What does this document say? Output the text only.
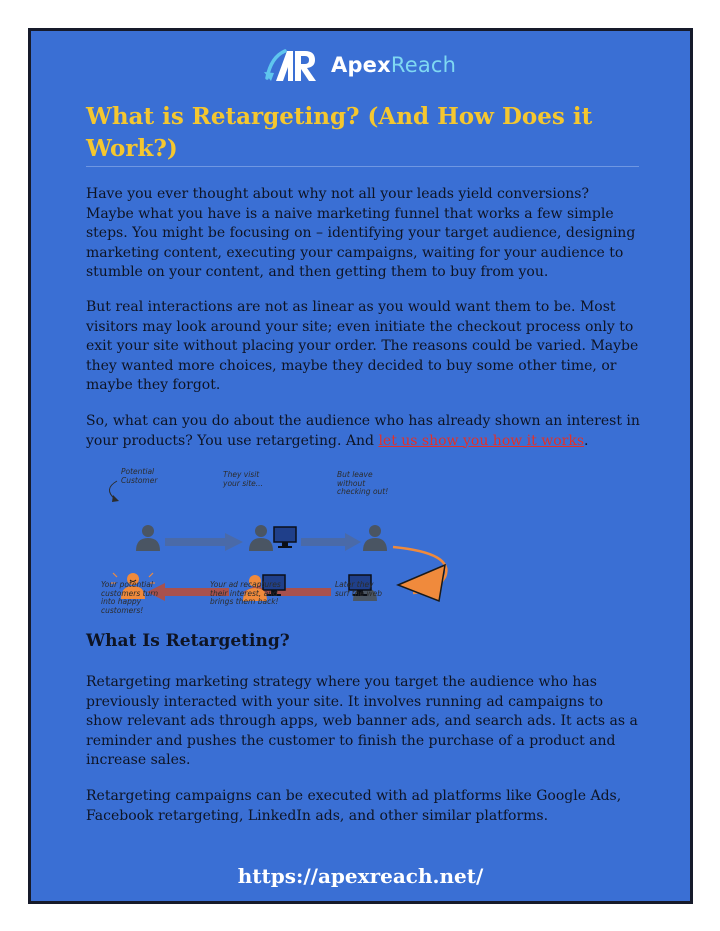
ApexReach
What is Retargeting? (And How Does it Work?)

Have you ever thought about why not all your leads yield conversions? Maybe what you have is a naive marketing funnel that works a few simple steps. You might be focusing on – identifying your target audience, designing marketing content, executing your campaigns, waiting for your audience to stumble on your content, and then getting them to buy from you.

But real interactions are not as linear as you would want them to be. Most visitors may look around your site; even initiate the checkout process only to exit your site without placing your order. The reasons could be varied. Maybe they wanted more choices, maybe they decided to buy some other time, or maybe they forgot.

So, what can you do about the audience who has already shown an interest in your products? You use retargeting. And let us show you how it works.

Potential Customer

They visit your site...

But leave without checking out!

Your potential customers turn into happy customers!

Your ad recaptures their interest, and brings them back!

Later they surf the web

What Is Retargeting?

Retargeting marketing strategy where you target the audience who has previously interacted with your site. It involves running ad campaigns to show relevant ads through apps, web banner ads, and search ads. It acts as a reminder and pushes the customer to finish the purchase of a product and increase sales.

Retargeting campaigns can be executed with ad platforms like Google Ads, Facebook retargeting, LinkedIn ads, and other similar platforms.

https://apexreach.net/
